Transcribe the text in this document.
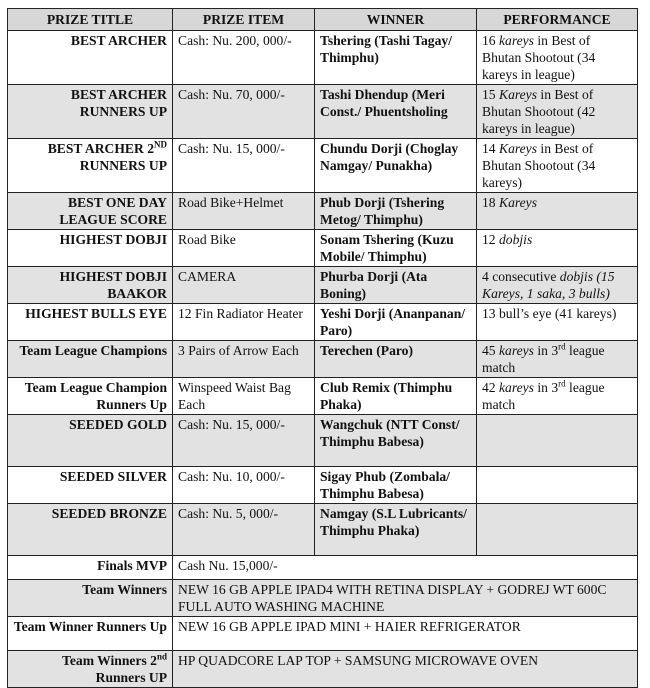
PRIZE TITLE	PRIZE ITEM	WINNER	PERFORMANCE
BEST ARCHER	Cash: Nu. 200, 000/-	Tshering (Tashi Tagay/ Thimphu)	16 kareys in Best of Bhutan Shootout (34 kareys in league)
BEST ARCHER RUNNERS UP	Cash: Nu. 70, 000/-	Tashi Dhendup (Meri Const./ Phuentsholing	15 Kareys in Best of Bhutan Shootout (42 kareys in league)
BEST ARCHER 2ND RUNNERS UP	Cash: Nu. 15, 000/-	Chundu Dorji (Choglay Namgay/ Punakha)	14 Kareys in Best of Bhutan Shootout (34 kareys)
BEST ONE DAY LEAGUE SCORE	Road Bike+Helmet	Phub Dorji (Tshering Metog/ Thimphu)	18 Kareys
HIGHEST DOBJI	Road Bike	Sonam Tshering (Kuzu Mobile/ Thimphu)	12 dobjis
HIGHEST DOBJI BAAKOR	CAMERA	Phurba Dorji (Ata Boning)	4 consecutive dobjis (15 Kareys, 1 saka, 3 bulls)
HIGHEST BULLS EYE	12 Fin Radiator Heater	Yeshi Dorji (Ananpanan/ Paro)	13 bull’s eye (41 kareys)
Team League Champions	3 Pairs of Arrow Each	Terechen (Paro)	45 kareys in 3rd league match
Team League Champion Runners Up	Winspeed Waist Bag Each	Club Remix (Thimphu Phaka)	42 kareys in 3rd league match
SEEDED GOLD	Cash: Nu. 15, 000/-	Wangchuk (NTT Const/ Thimphu Babesa)	
SEEDED SILVER	Cash: Nu. 10, 000/-	Sigay Phub (Zombala/ Thimphu Babesa)	
SEEDED BRONZE	Cash: Nu. 5, 000/-	Namgay (S.L Lubricants/ Thimphu Phaka)	
Finals MVP	Cash Nu. 15,000/-		
Team Winners	NEW 16 GB APPLE IPAD4 WITH RETINA DISPLAY + GODREJ WT 600C FULL AUTO WASHING MACHINE		
Team Winner Runners Up	NEW 16 GB APPLE IPAD MINI + HAIER REFRIGERATOR		
Team Winners 2nd Runners UP	HP QUADCORE LAP TOP + SAMSUNG MICROWAVE OVEN		
